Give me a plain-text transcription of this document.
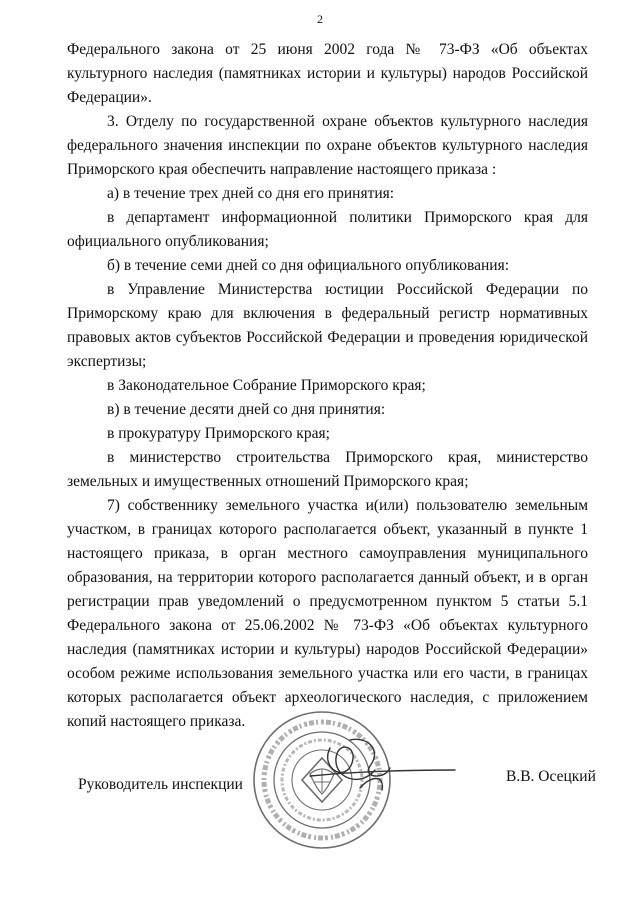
2

Федерального закона от 25 июня 2002 года № 73-ФЗ «Об объектах культурного наследия (памятниках истории и культуры) народов Российской Федерации».

3. Отделу по государственной охране объектов культурного наследия федерального значения инспекции по охране объектов культурного наследия Приморского края обеспечить направление настоящего приказа :

а) в течение трех дней со дня его принятия:

в департамент информационной политики Приморского края для официального опубликования;

б) в течение семи дней со дня официального опубликования:

в Управление Министерства юстиции Российской Федерации по Приморскому краю для включения в федеральный регистр нормативных правовых актов субъектов Российской Федерации и проведения юридической экспертизы;

в Законодательное Собрание Приморского края;

в) в течение десяти дней со дня принятия:

в прокуратуру Приморского края;

в министерство строительства Приморского края, министерство земельных и имущественных отношений Приморского края;

7) собственнику земельного участка и(или) пользователю земельным участком, в границах которого располагается объект, указанный в пункте 1 настоящего приказа, в орган местного самоуправления муниципального образования, на территории которого располагается данный объект, и в орган регистрации прав уведомлений о предусмотренном пунктом 5 статьи 5.1 Федерального закона от 25.06.2002 № 73-ФЗ «Об объектах культурного наследия (памятниках истории и культуры) народов Российской Федерации» особом режиме использования земельного участка или его части, в границах которых располагается объект археологического наследия, с приложением копий настоящего приказа.

Руководитель инспекции	В.В. Осецкий
